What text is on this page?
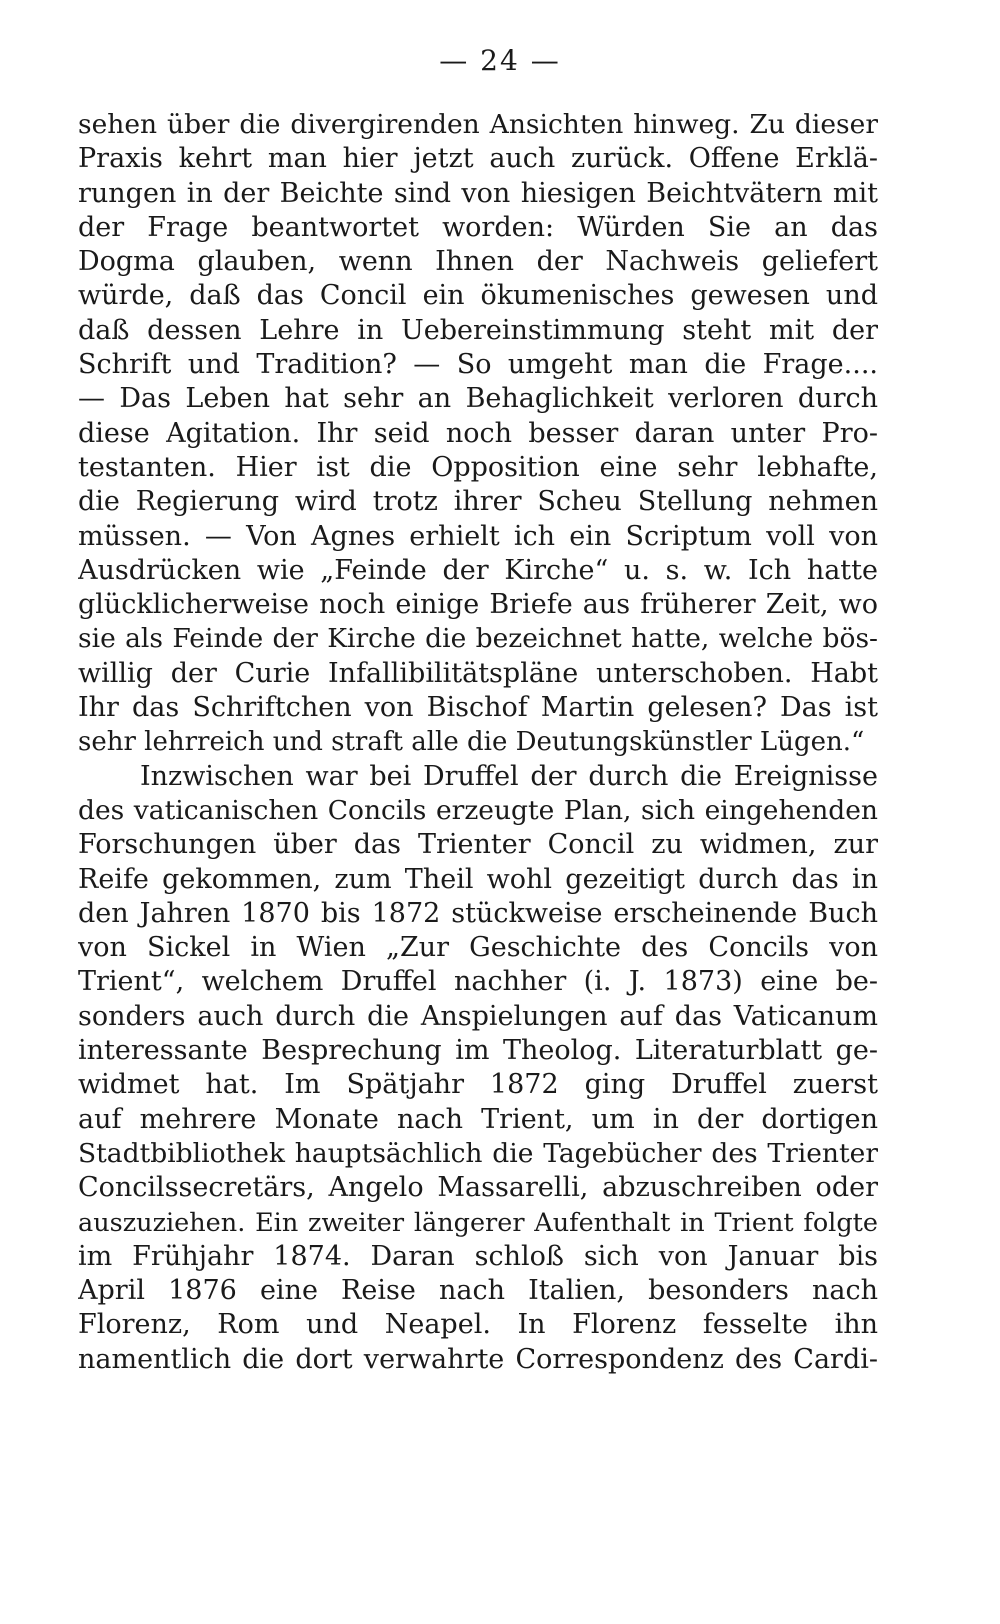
— 24 —
sehen über die divergirenden Ansichten hinweg. Zu dieser
Praxis kehrt man hier jetzt auch zurück. Offene Erklä-
rungen in der Beichte sind von hiesigen Beichtvätern mit
der Frage beantwortet worden: Würden Sie an das
Dogma glauben, wenn Ihnen der Nachweis geliefert
würde, daß das Concil ein ökumenisches gewesen und
daß dessen Lehre in Uebereinstimmung steht mit der
Schrift und Tradition? — So umgeht man die Frage....
— Das Leben hat sehr an Behaglichkeit verloren durch
diese Agitation. Ihr seid noch besser daran unter Pro-
testanten. Hier ist die Opposition eine sehr lebhafte,
die Regierung wird trotz ihrer Scheu Stellung nehmen
müssen. — Von Agnes erhielt ich ein Scriptum voll von
Ausdrücken wie „Feinde der Kirche“ u. s. w. Ich hatte
glücklicherweise noch einige Briefe aus früherer Zeit, wo
sie als Feinde der Kirche die bezeichnet hatte, welche bös-
willig der Curie Infallibilitätspläne unterschoben. Habt
Ihr das Schriftchen von Bischof Martin gelesen? Das ist
sehr lehrreich und straft alle die Deutungskünstler Lügen.“
Inzwischen war bei Druffel der durch die Ereignisse
des vaticanischen Concils erzeugte Plan, sich eingehenden
Forschungen über das Trienter Concil zu widmen, zur
Reife gekommen, zum Theil wohl gezeitigt durch das in
den Jahren 1870 bis 1872 stückweise erscheinende Buch
von Sickel in Wien „Zur Geschichte des Concils von
Trient“, welchem Druffel nachher (i. J. 1873) eine be-
sonders auch durch die Anspielungen auf das Vaticanum
interessante Besprechung im Theolog. Literaturblatt ge-
widmet hat. Im Spätjahr 1872 ging Druffel zuerst
auf mehrere Monate nach Trient, um in der dortigen
Stadtbibliothek hauptsächlich die Tagebücher des Trienter
Concilssecretärs, Angelo Massarelli, abzuschreiben oder
auszuziehen. Ein zweiter längerer Aufenthalt in Trient folgte
im Frühjahr 1874. Daran schloß sich von Januar bis
April 1876 eine Reise nach Italien, besonders nach
Florenz, Rom und Neapel. In Florenz fesselte ihn
namentlich die dort verwahrte Correspondenz des Cardi-
